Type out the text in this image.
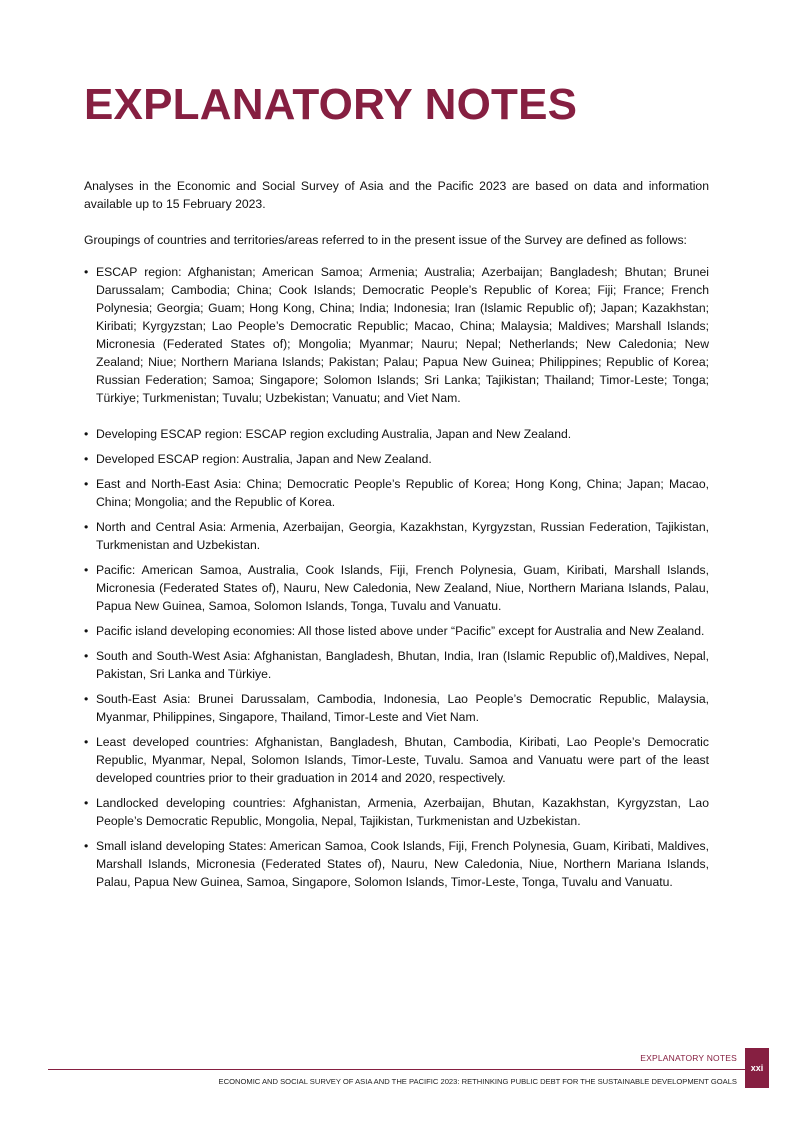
EXPLANATORY NOTES

Analyses in the Economic and Social Survey of Asia and the Pacific 2023 are based on data and information available up to 15 February 2023.

Groupings of countries and territories/areas referred to in the present issue of the Survey are defined as follows:

• ESCAP region: Afghanistan; American Samoa; Armenia; Australia; Azerbaijan; Bangladesh; Bhutan; Brunei Darussalam; Cambodia; China; Cook Islands; Democratic People’s Republic of Korea; Fiji; France; French Polynesia; Georgia; Guam; Hong Kong, China; India; Indonesia; Iran (Islamic Republic of); Japan; Kazakhstan; Kiribati; Kyrgyzstan; Lao People’s Democratic Republic; Macao, China; Malaysia; Maldives; Marshall Islands; Micronesia (Federated States of); Mongolia; Myanmar; Nauru; Nepal; Netherlands; New Caledonia; New Zealand; Niue; Northern Mariana Islands; Pakistan; Palau; Papua New Guinea; Philippines; Republic of Korea; Russian Federation; Samoa; Singapore; Solomon Islands; Sri Lanka; Tajikistan; Thailand; Timor-Leste; Tonga; Türkiye; Turkmenistan; Tuvalu; Uzbekistan; Vanuatu; and Viet Nam.
• Developing ESCAP region: ESCAP region excluding Australia, Japan and New Zealand.
• Developed ESCAP region: Australia, Japan and New Zealand.
• East and North-East Asia: China; Democratic People’s Republic of Korea; Hong Kong, China; Japan; Macao, China; Mongolia; and the Republic of Korea.
• North and Central Asia: Armenia, Azerbaijan, Georgia, Kazakhstan, Kyrgyzstan, Russian Federation, Tajikistan, Turkmenistan and Uzbekistan.
• Pacific: American Samoa, Australia, Cook Islands, Fiji, French Polynesia, Guam, Kiribati, Marshall Islands, Micronesia (Federated States of), Nauru, New Caledonia, New Zealand, Niue, Northern Mariana Islands, Palau, Papua New Guinea, Samoa, Solomon Islands, Tonga, Tuvalu and Vanuatu.
• Pacific island developing economies: All those listed above under “Pacific” except for Australia and New Zealand.
• South and South-West Asia: Afghanistan, Bangladesh, Bhutan, India, Iran (Islamic Republic of),Maldives, Nepal, Pakistan, Sri Lanka and Türkiye.
• South-East Asia: Brunei Darussalam, Cambodia, Indonesia, Lao People’s Democratic Republic, Malaysia, Myanmar, Philippines, Singapore, Thailand, Timor-Leste and Viet Nam.
• Least developed countries: Afghanistan, Bangladesh, Bhutan, Cambodia, Kiribati, Lao People’s Democratic Republic, Myanmar, Nepal, Solomon Islands, Timor-Leste, Tuvalu. Samoa and Vanuatu were part of the least developed countries prior to their graduation in 2014 and 2020, respectively.
• Landlocked developing countries: Afghanistan, Armenia, Azerbaijan, Bhutan, Kazakhstan, Kyrgyzstan, Lao People’s Democratic Republic, Mongolia, Nepal, Tajikistan, Turkmenistan and Uzbekistan.
• Small island developing States: American Samoa, Cook Islands, Fiji, French Polynesia, Guam, Kiribati, Maldives, Marshall Islands, Micronesia (Federated States of), Nauru, New Caledonia, Niue, Northern Mariana Islands, Palau, Papua New Guinea, Samoa, Singapore, Solomon Islands, Timor-Leste, Tonga, Tuvalu and Vanuatu.
EXPLANATORY NOTES
ECONOMIC AND SOCIAL SURVEY OF ASIA AND THE PACIFIC 2023: RETHINKING PUBLIC DEBT FOR THE SUSTAINABLE DEVELOPMENT GOALS
xxi
